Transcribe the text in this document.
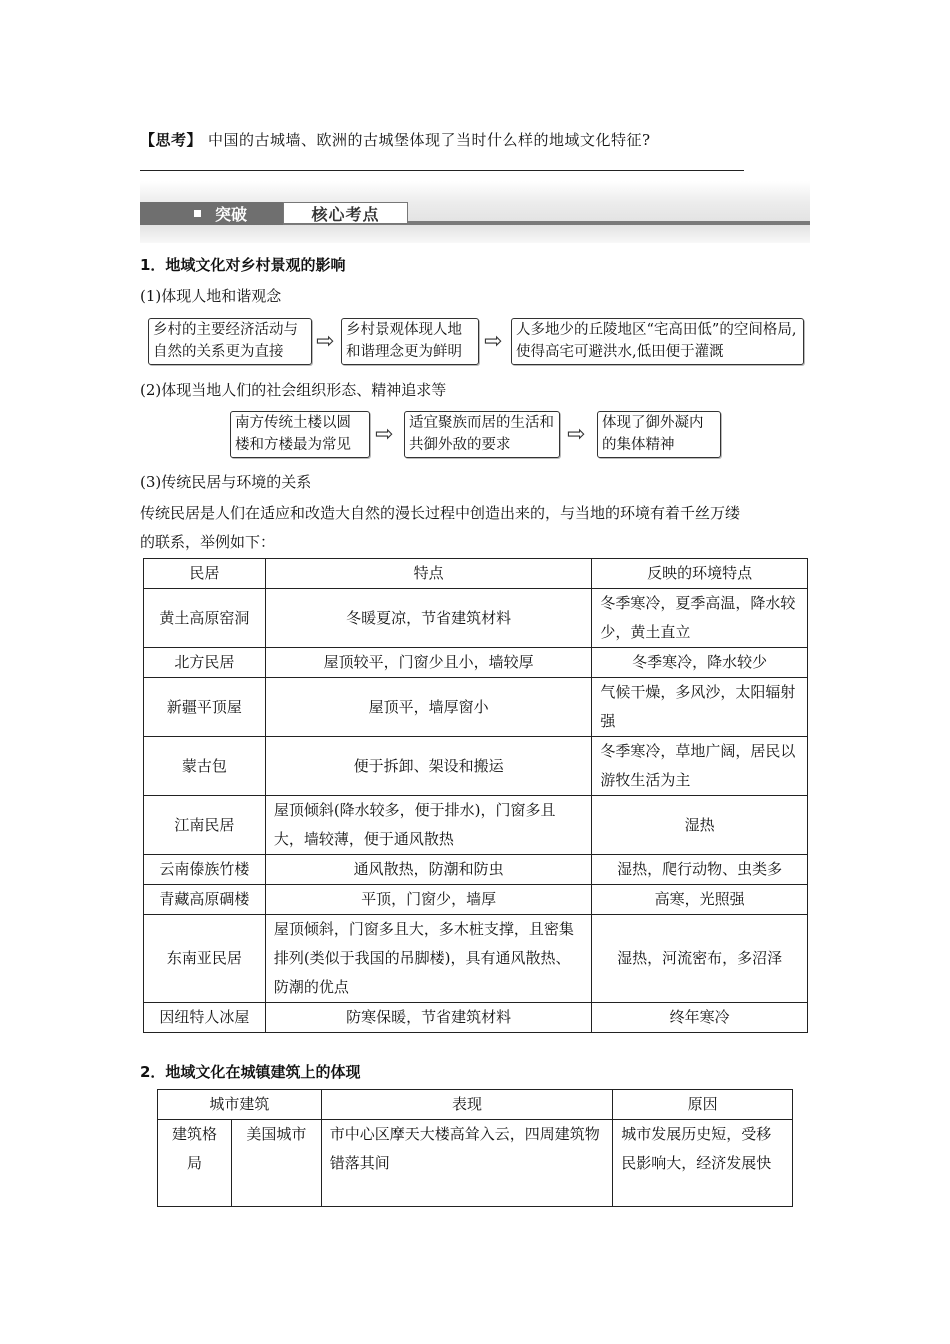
【思考】 中国的古城墙、欧洲的古城堡体现了当时什么样的地域文化特征?
突破	核心考点
1．地域文化对乡村景观的影响
(1)体现人地和谐观念
乡村的主要经济活动与自然的关系更为直接	⇨ 乡村景观体现人地和谐理念更为鲜明	⇨ 人多地少的丘陵地区“宅高田低”的空间格局,使得高宅可避洪水,低田便于灌溉
(2)体现当地人们的社会组织形态、精神追求等
南方传统土楼以圆楼和方楼最为常见	⇨	适宜聚族而居的生活和共御外敌的要求	⇨	体现了御外凝内的集体精神
(3)传统民居与环境的关系
传统民居是人们在适应和改造大自然的漫长过程中创造出来的，与当地的环境有着千丝万缕
的联系，举例如下：
民居	特点	反映的环境特点
黄土高原窑洞	冬暖夏凉，节省建筑材料	冬季寒冷，夏季高温，降水较少，黄土直立
北方民居	屋顶较平，门窗少且小，墙较厚	冬季寒冷，降水较少
新疆平顶屋	屋顶平，墙厚窗小	气候干燥，多风沙，太阳辐射强
蒙古包	便于拆卸、架设和搬运	冬季寒冷，草地广阔，居民以游牧生活为主
江南民居	屋顶倾斜(降水较多，便于排水)，门窗多且大，墙较薄，便于通风散热	湿热
云南傣族竹楼	通风散热，防潮和防虫	湿热，爬行动物、虫类多
青藏高原碉楼	平顶，门窗少，墙厚	高寒，光照强
东南亚民居	屋顶倾斜，门窗多且大，多木桩支撑，且密集排列(类似于我国的吊脚楼)，具有通风散热、防潮的优点	湿热，河流密布，多沼泽
因纽特人冰屋	防寒保暖，节省建筑材料	终年寒冷
2．地域文化在城镇建筑上的体现
城市建筑		表现	原因
建筑格局	美国城市	市中心区摩天大楼高耸入云，四周建筑物错落其间	城市发展历史短，受移民影响大，经济发展快
